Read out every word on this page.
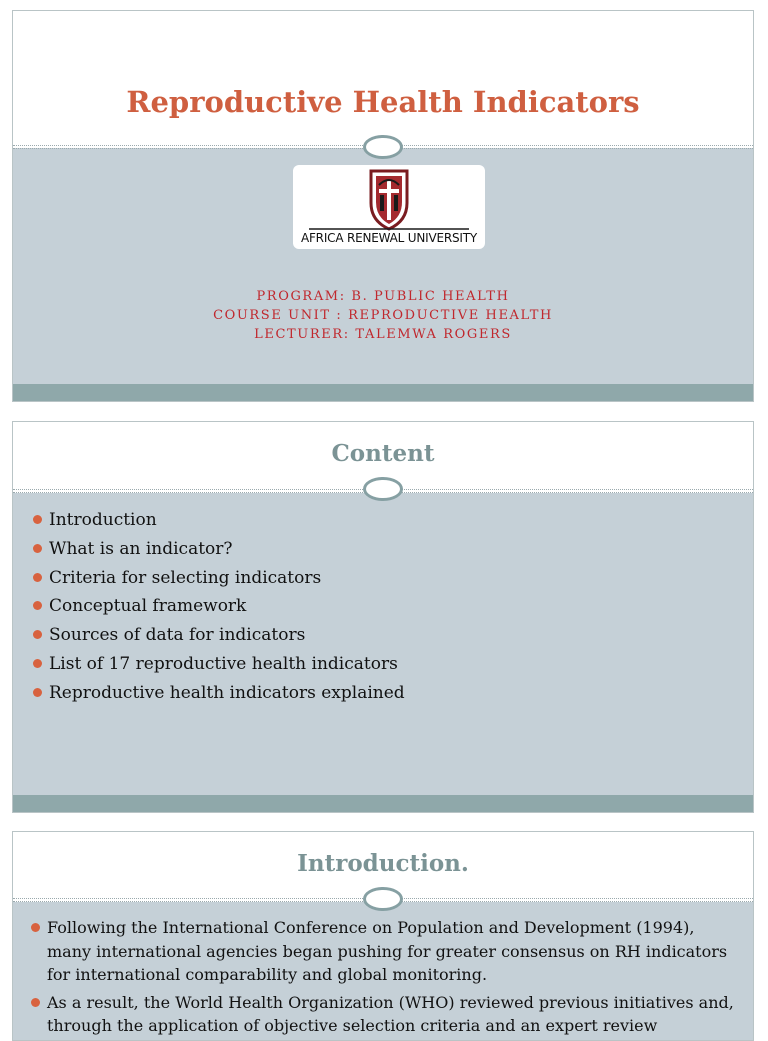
Reproductive Health Indicators
AFRICA RENEWAL UNIVERSITY
PROGRAM: B. PUBLIC HEALTH
COURSE UNIT : REPRODUCTIVE HEALTH
LECTURER: TALEMWA ROGERS
Content
Introduction
What is an indicator?
Criteria for selecting indicators
Conceptual framework
Sources of data for indicators
List of 17 reproductive health indicators
Reproductive health indicators explained
Introduction.
Following the International Conference on Population and Development (1994), many international agencies began pushing for greater consensus on RH indicators for international comparability and global monitoring.
As a result, the World Health Organization (WHO) reviewed previous initiatives and, through the application of objective selection criteria and an expert review
